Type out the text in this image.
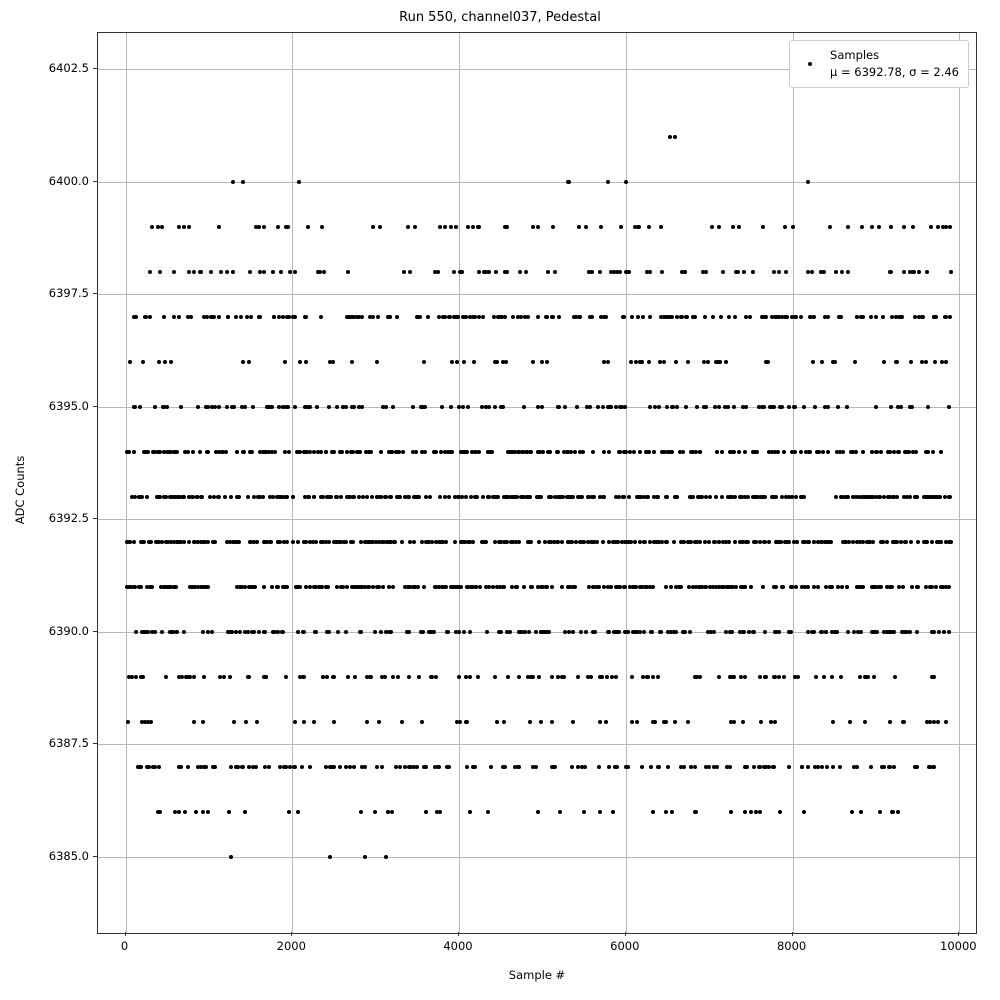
Run 550, channel037, Pedestal
Samples
μ = 6392.78, σ = 2.46
0	2000	4000	6000	8000	10000
6385.0
6387.5
6390.0
6392.5
6395.0
6397.5
6400.0
6402.5
Sample #
ADC Counts
